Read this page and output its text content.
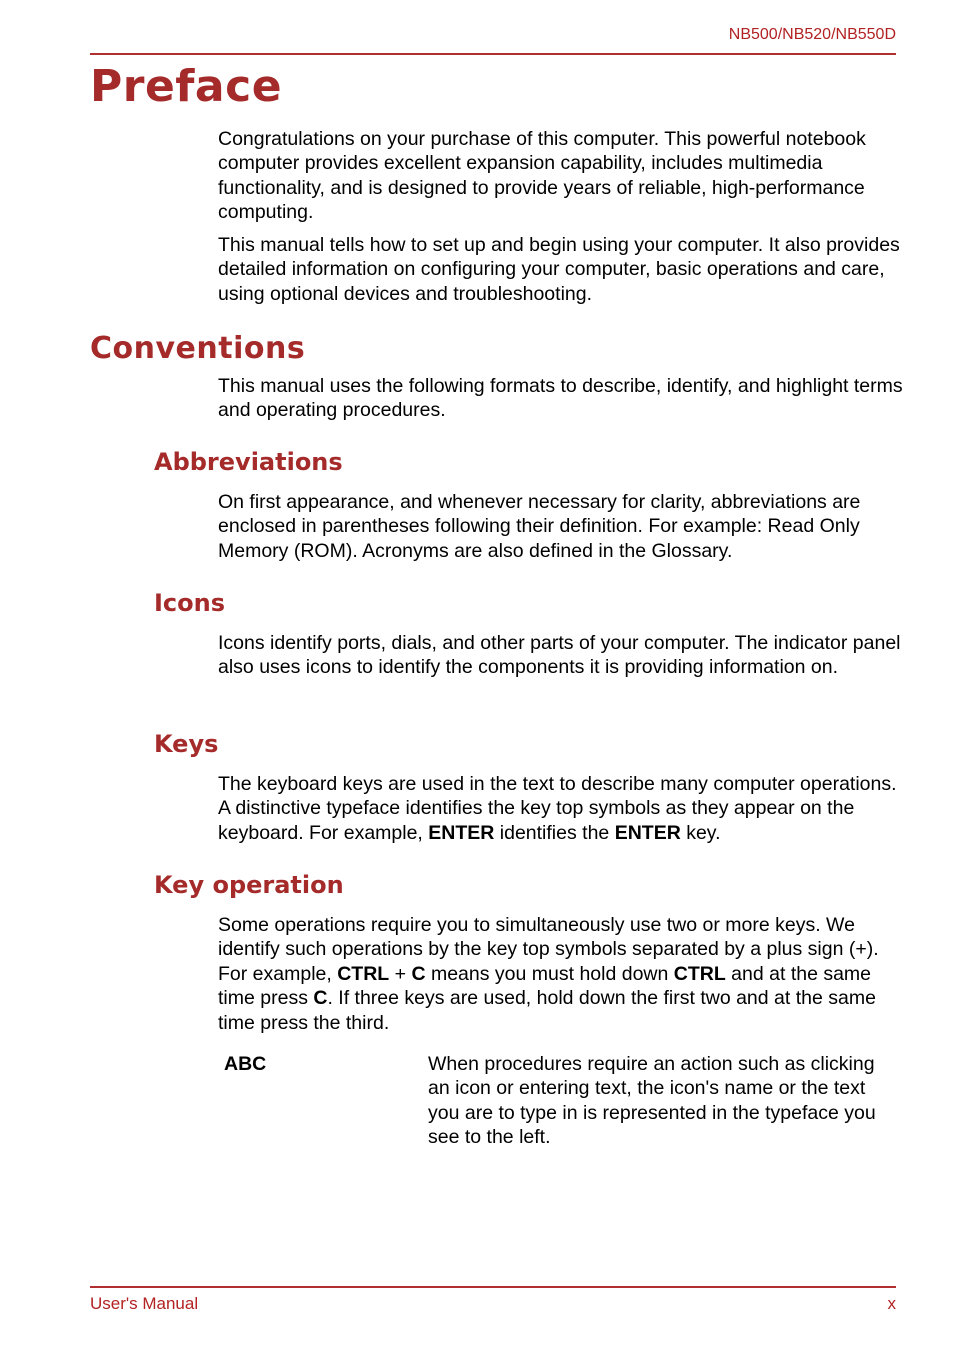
NB500/NB520/NB550D
Preface

Congratulations on your purchase of this computer. This powerful notebook computer provides excellent expansion capability, includes multimedia functionality, and is designed to provide years of reliable, high-performance computing.

This manual tells how to set up and begin using your computer. It also provides detailed information on configuring your computer, basic operations and care, using optional devices and troubleshooting.

Conventions

This manual uses the following formats to describe, identify, and highlight terms and operating procedures.

Abbreviations

On first appearance, and whenever necessary for clarity, abbreviations are enclosed in parentheses following their definition. For example: Read Only Memory (ROM). Acronyms are also defined in the Glossary.

Icons

Icons identify ports, dials, and other parts of your computer. The indicator panel also uses icons to identify the components it is providing information on.

Keys

The keyboard keys are used in the text to describe many computer operations. A distinctive typeface identifies the key top symbols as they appear on the keyboard. For example, ENTER identifies the ENTER key.

Key operation

Some operations require you to simultaneously use two or more keys. We identify such operations by the key top symbols separated by a plus sign (+). For example, CTRL + C means you must hold down CTRL and at the same time press C. If three keys are used, hold down the first two and at the same time press the third.

ABC	When procedures require an action such as clicking an icon or entering text, the icon's name or the text you are to type in is represented in the typeface you see to the left.

User's Manual	x
